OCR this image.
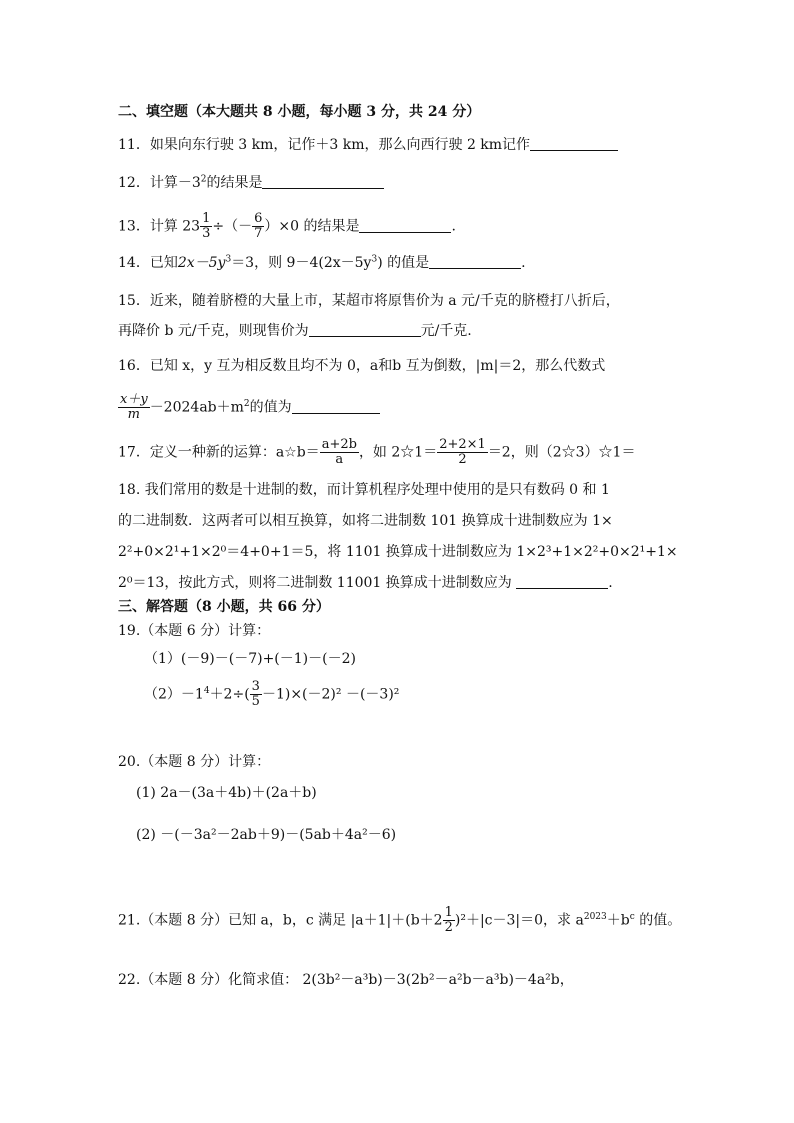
二、填空题（本大题共 8 小题，每小题 3 分，共 24 分）
11．如果向东行驶 3 km，记作＋3 km，那么向西行驶 2 km记作
12．计算$-3^2$的结果是
13．计算 $23 \frac{1}{3}$ ÷（－ $\frac{6}{7} )\times 0$ 的结果是	.
14．已知$2x-5y^3=3$，则 $9-4(2x-5y^3)$ 的值是	.
15．近来，随着脐橙的大量上市，某超市将原售价为 a 元/千克的脐橙打八折后，
再降价 b 元/千克，则现售价为	元/千克.
16．已知 x，y 互为相反数且均不为 0，a和b 互为倒数，|m|＝2，那么代数式
$\frac{x+y}{m} -2024ab+m^2$的值为
17．定义一种新的运算：a☆b＝ $\frac{a+2b}{a}$ ，如 2☆1＝ $\frac{2+2\times 1}{2} =2$，则（2☆3）☆1＝
18. 我们常用的数是十进制的数，而计算机程序处理中使用的是只有数码 0 和 1
的二进制数．这两者可以相互换算，如将二进制数 101 换算成十进制数应为 1×
2²+0×2¹+1×2⁰＝4+0+1＝5，将 1101 换算成十进制数应为 1×2³+1×2²+0×2¹+1×
2⁰＝13，按此方式，则将二进制数 11001 换算成十进制数应为	.
三、解答题（8 小题，共 66 分）
19.（本题 6 分）计算：
（1）(－9)－(－7)+(－1)－(－2)
$(2)-1^4+2\div( \frac{3}{5} -1)\times(-2)^2 -(-3)^2$
20.（本题 8 分）计算：
(1) 2a－(3a＋4b)＋(2a＋b)
(2) －(－3a²－2ab＋9)－(5ab＋4a²－6)
21.（本题 8 分）已知 a，b，c 满足 $|a+1|+(b+2 \frac{1}{2} )^2+|c-3|=0$，求 $a^{2023}+b^c$ 的值。
22.（本题 8 分）化简求值： 2(3b²－a³b)－3(2b²－a²b－a³b)－4a²b，
